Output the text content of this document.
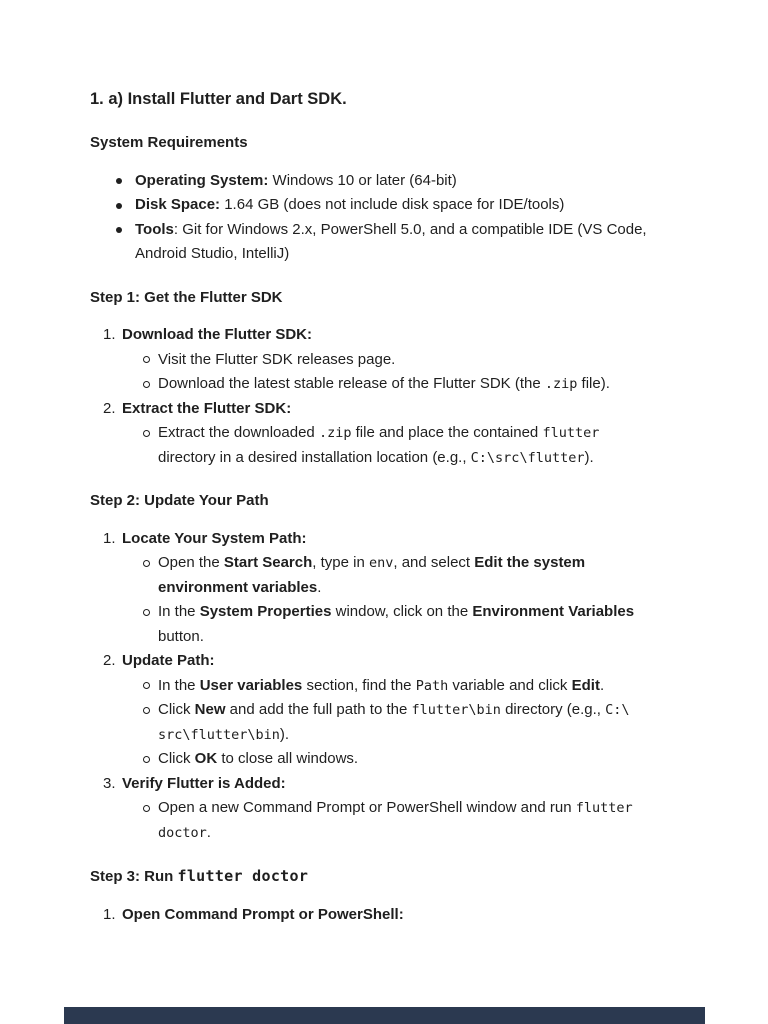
1. a) Install Flutter and Dart SDK.
System Requirements
Operating System: Windows 10 or later (64-bit)
Disk Space: 1.64 GB (does not include disk space for IDE/tools)
Tools: Git for Windows 2.x, PowerShell 5.0, and a compatible IDE (VS Code,
Android Studio, IntelliJ)
Step 1: Get the Flutter SDK
1. Download the Flutter SDK:
Visit the Flutter SDK releases page.
Download the latest stable release of the Flutter SDK (the .zip file).
2. Extract the Flutter SDK:
Extract the downloaded .zip file and place the contained flutter
directory in a desired installation location (e.g., C:\src\flutter).
Step 2: Update Your Path
1. Locate Your System Path:
Open the Start Search, type in env, and select Edit the system
environment variables.
In the System Properties window, click on the Environment Variables
button.
2. Update Path:
In the User variables section, find the Path variable and click Edit.
Click New and add the full path to the flutter\bin directory (e.g., C:\
src\flutter\bin).
Click OK to close all windows.
3. Verify Flutter is Added:
Open a new Command Prompt or PowerShell window and run flutter
doctor.
Step 3: Run flutter doctor
1. Open Command Prompt or PowerShell:
